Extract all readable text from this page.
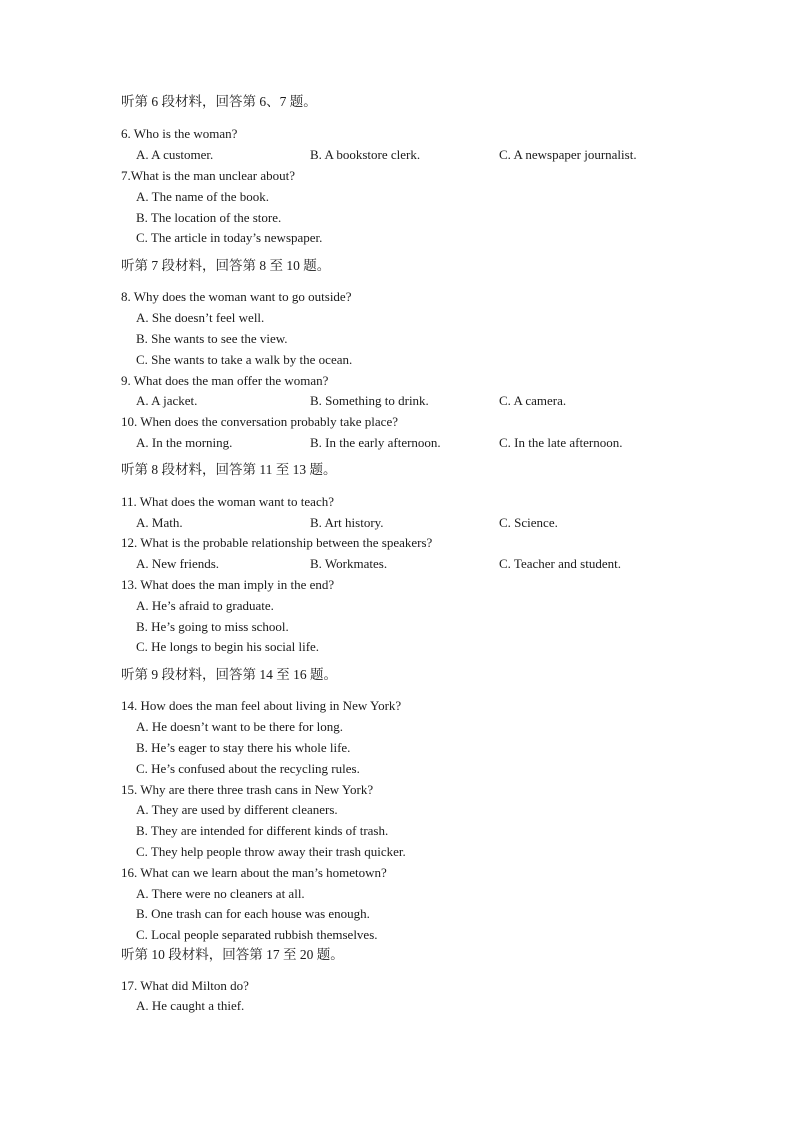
听第 6 段材料，回答第 6、7 题。
6. Who is the woman?
A. A customer.	B. A bookstore clerk.	C. A newspaper journalist.
7.What is the man unclear about?
A. The name of the book.
B. The location of the store.
C. The article in today’s newspaper.
听第 7 段材料，回答第 8 至 10 题。
8. Why does the woman want to go outside?
A. She doesn’t feel well.
B. She wants to see the view.
C. She wants to take a walk by the ocean.
9. What does the man offer the woman?
A. A jacket.	B. Something to drink.	C. A camera.
10. When does the conversation probably take place?
A. In the morning.	B. In the early afternoon.	C. In the late afternoon.
听第 8 段材料，回答第 11 至 13 题。
11. What does the woman want to teach?
A. Math.	B. Art history.	C. Science.
12. What is the probable relationship between the speakers?
A. New friends.	B. Workmates.	C. Teacher and student.
13. What does the man imply in the end?
A. He’s afraid to graduate.
B. He’s going to miss school.
C. He longs to begin his social life.
听第 9 段材料，回答第 14 至 16 题。
14. How does the man feel about living in New York?
A. He doesn’t want to be there for long.
B. He’s eager to stay there his whole life.
C. He’s confused about the recycling rules.
15. Why are there three trash cans in New York?
A. They are used by different cleaners.
B. They are intended for different kinds of trash.
C. They help people throw away their trash quicker.
16. What can we learn about the man’s hometown?
A. There were no cleaners at all.
B. One trash can for each house was enough.
C. Local people separated rubbish themselves.
听第 10 段材料，回答第 17 至 20 题。
17. What did Milton do?
A. He caught a thief.
